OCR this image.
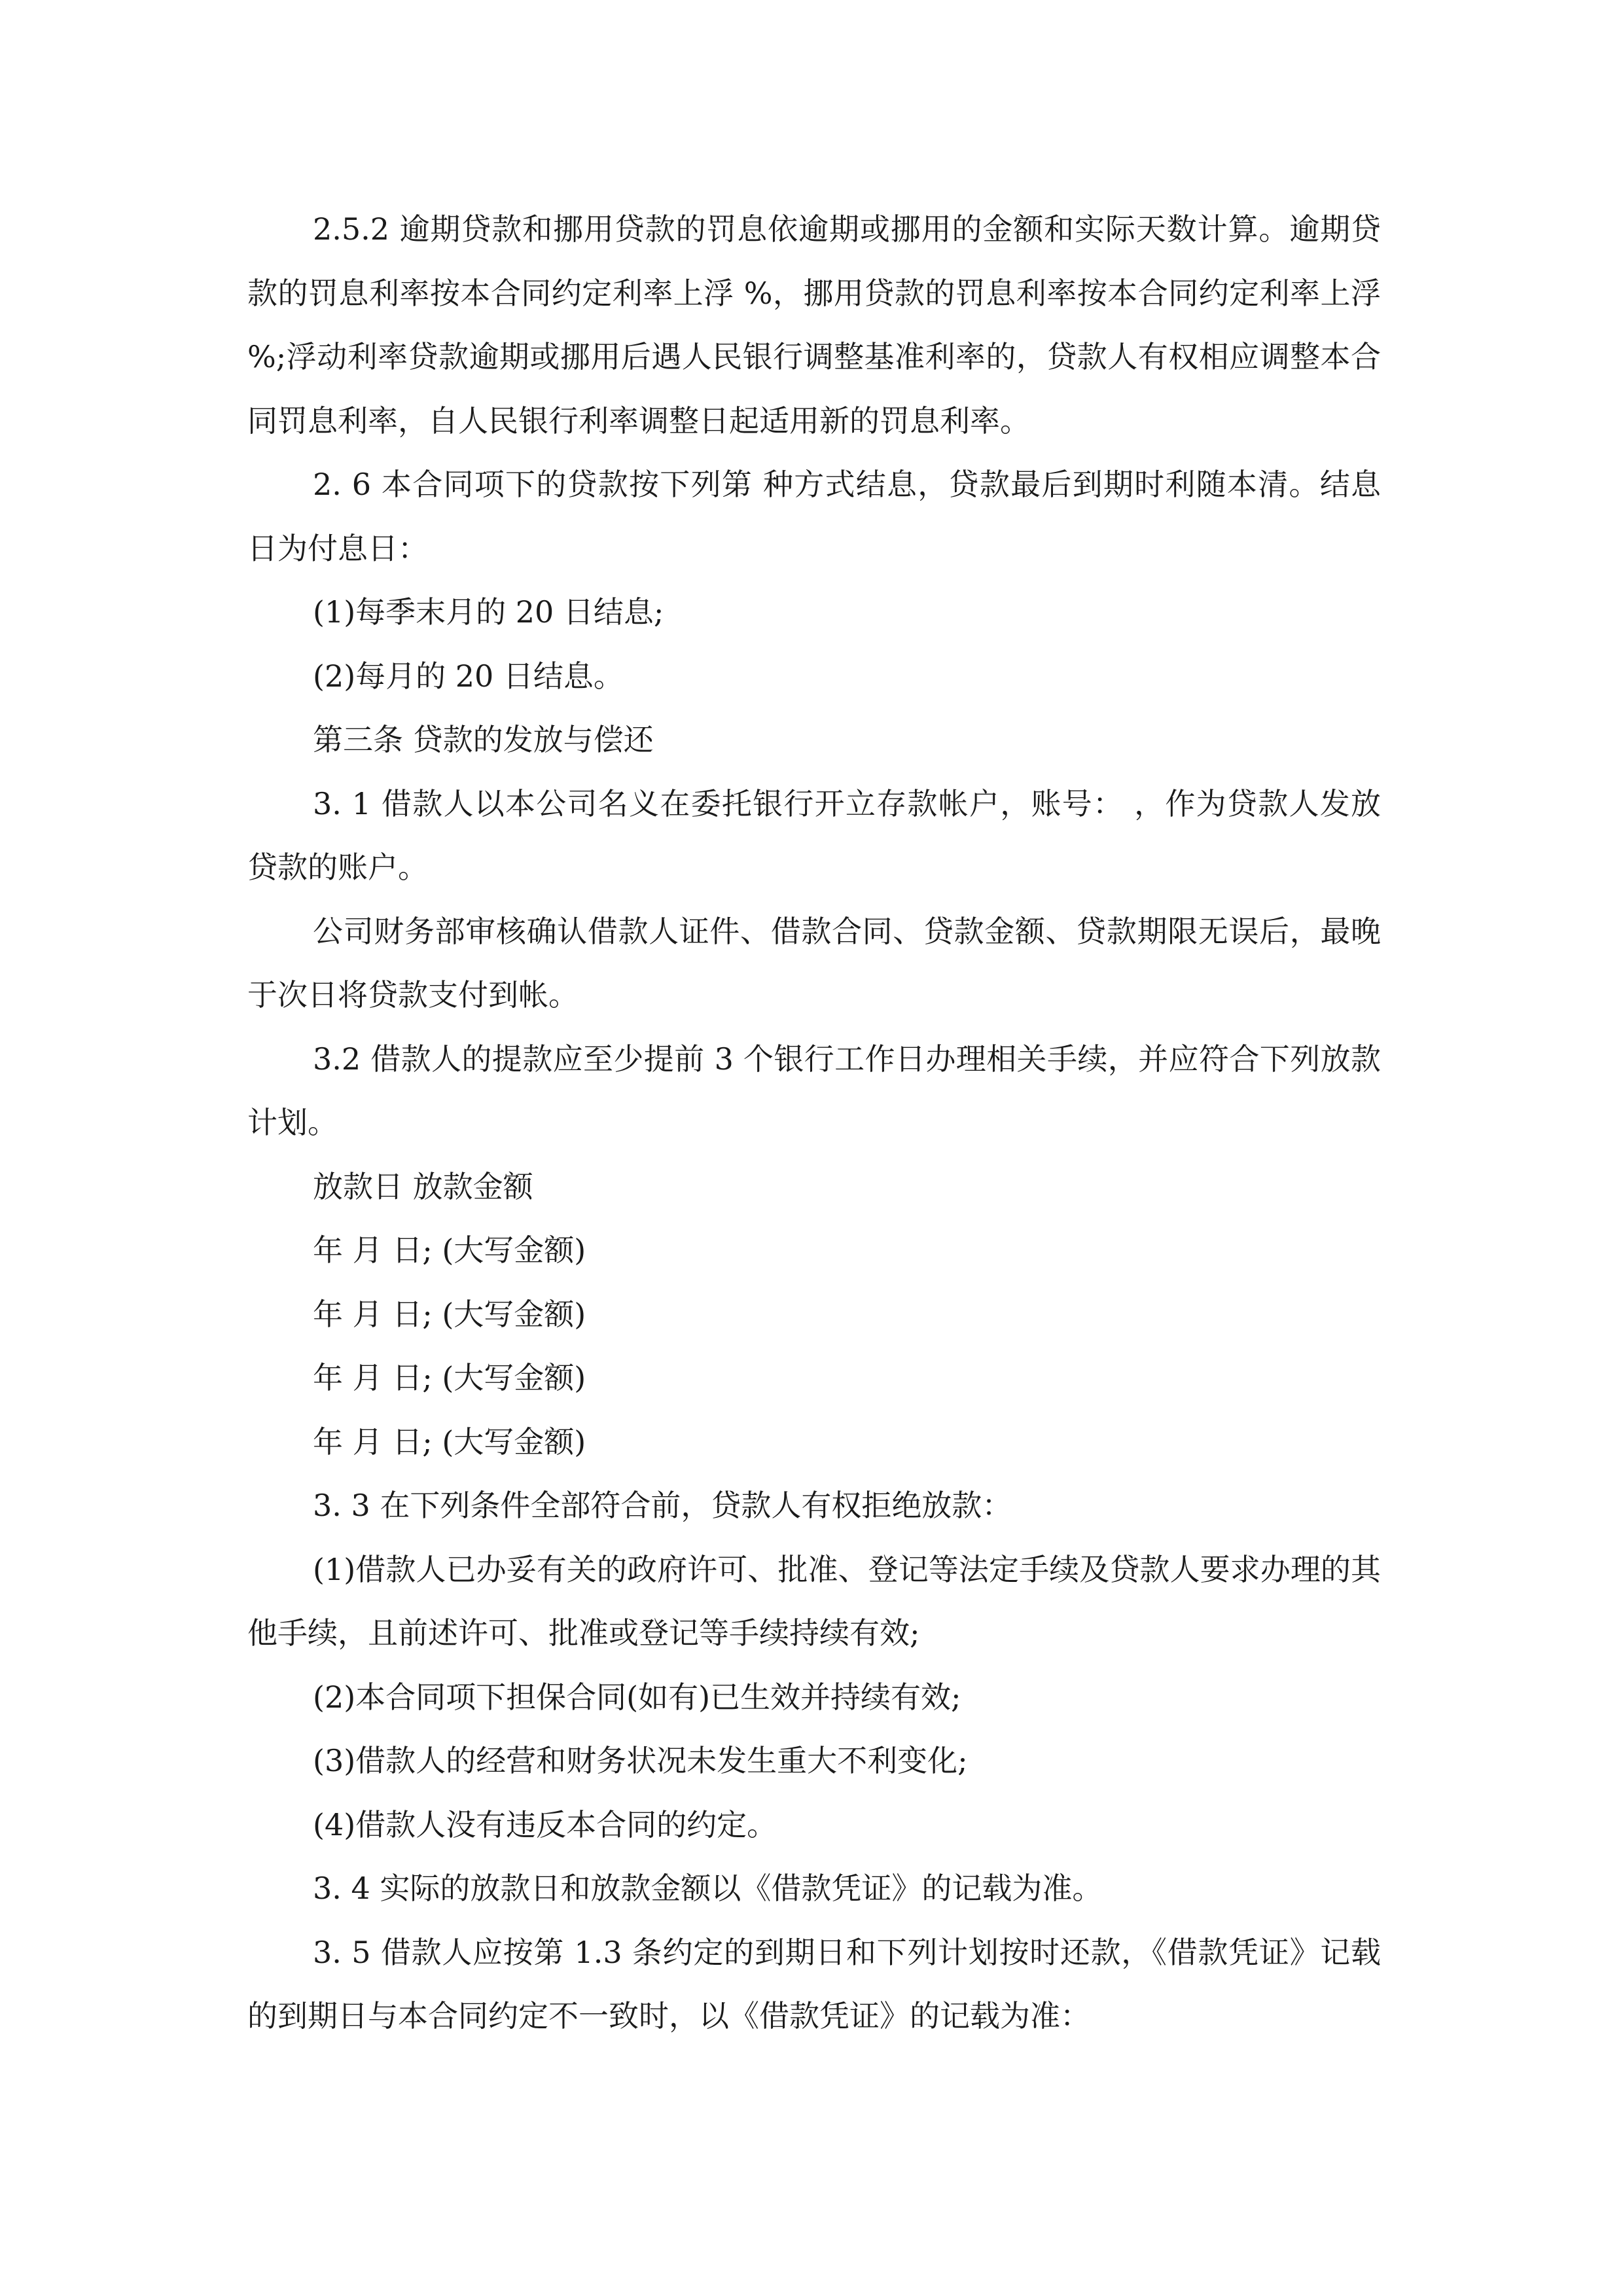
2.5.2 逾期贷款和挪用贷款的罚息依逾期或挪用的金额和实际天数计算。逾期贷款的罚息利率按本合同约定利率上浮 %，挪用贷款的罚息利率按本合同约定利率上浮 %;浮动利率贷款逾期或挪用后遇人民银行调整基准利率的，贷款人有权相应调整本合同罚息利率，自人民银行利率调整日起适用新的罚息利率。

2. 6 本合同项下的贷款按下列第 种方式结息，贷款最后到期时利随本清。结息日为付息日：

(1)每季末月的 20 日结息;

(2)每月的 20 日结息。

第三条 贷款的发放与偿还

3. 1 借款人以本公司名义在委托银行开立存款帐户，账号： ，作为贷款人发放贷款的账户。

公司财务部审核确认借款人证件、借款合同、贷款金额、贷款期限无误后，最晚于次日将贷款支付到帐。

3.2 借款人的提款应至少提前 3 个银行工作日办理相关手续，并应符合下列放款计划。

放款日 放款金额

年 月 日; (大写金额)

年 月 日; (大写金额)

年 月 日; (大写金额)

年 月 日; (大写金额)

3. 3 在下列条件全部符合前，贷款人有权拒绝放款：

(1)借款人已办妥有关的政府许可、批准、登记等法定手续及贷款人要求办理的其他手续，且前述许可、批准或登记等手续持续有效;

(2)本合同项下担保合同(如有)已生效并持续有效;

(3)借款人的经营和财务状况未发生重大不利变化;

(4)借款人没有违反本合同的约定。

3. 4 实际的放款日和放款金额以《借款凭证》的记载为准。

3. 5 借款人应按第 1.3 条约定的到期日和下列计划按时还款，《借款凭证》记载的到期日与本合同约定不一致时，以《借款凭证》的记载为准：
